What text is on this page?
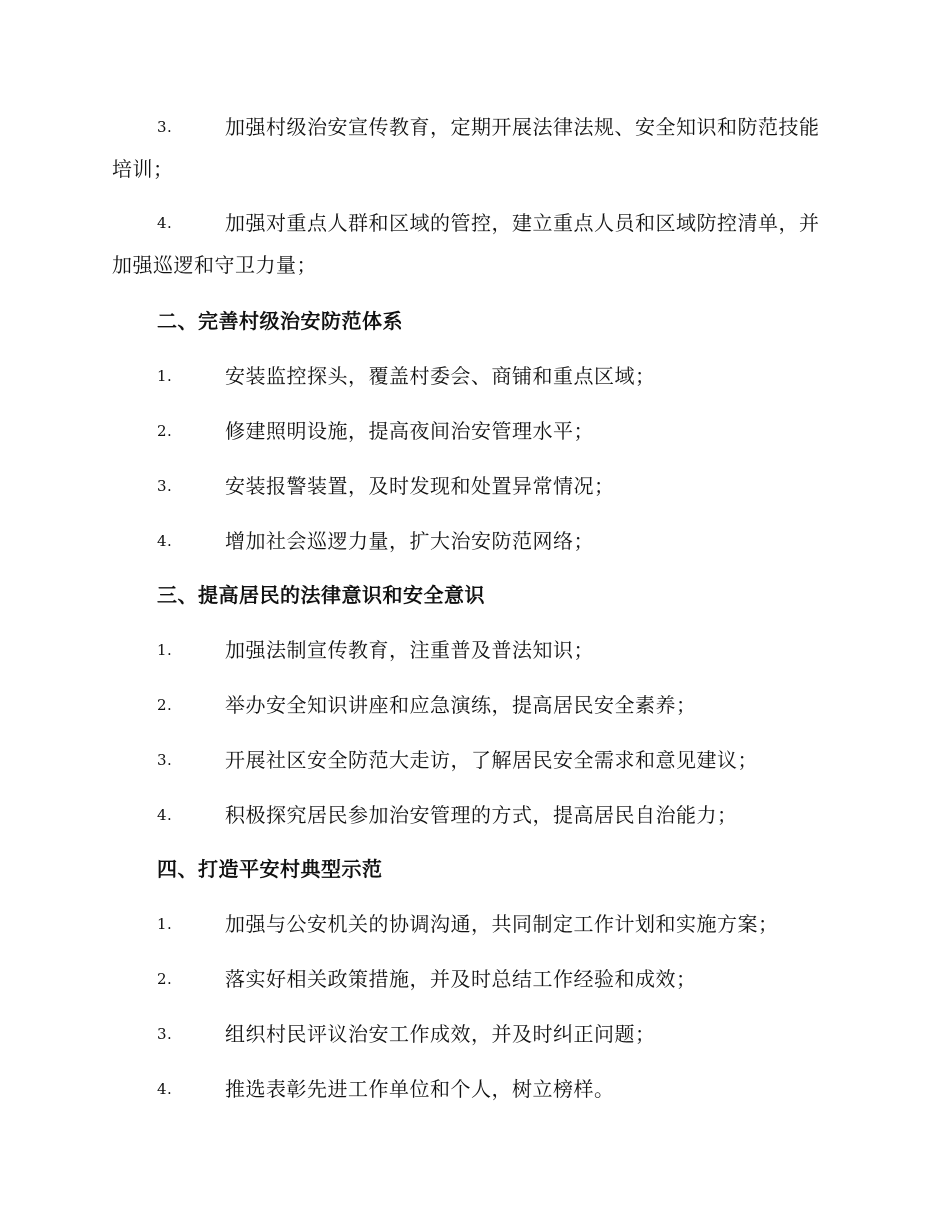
3.	加强村级治安宣传教育，定期开展法律法规、安全知识和防范技能培训；
4.	加强对重点人群和区域的管控，建立重点人员和区域防控清单，并加强巡逻和守卫力量；
二、完善村级治安防范体系
1.	安装监控探头，覆盖村委会、商铺和重点区域；
2.	修建照明设施，提高夜间治安管理水平；
3.	安装报警装置，及时发现和处置异常情况；
4.	增加社会巡逻力量，扩大治安防范网络；
三、提高居民的法律意识和安全意识
1.	加强法制宣传教育，注重普及普法知识；
2.	举办安全知识讲座和应急演练，提高居民安全素养；
3.	开展社区安全防范大走访，了解居民安全需求和意见建议；
4.	积极探究居民参加治安管理的方式，提高居民自治能力；
四、打造平安村典型示范
1.	加强与公安机关的协调沟通，共同制定工作计划和实施方案；
2.	落实好相关政策措施，并及时总结工作经验和成效；
3.	组织村民评议治安工作成效，并及时纠正问题；
4.	推选表彰先进工作单位和个人，树立榜样。
